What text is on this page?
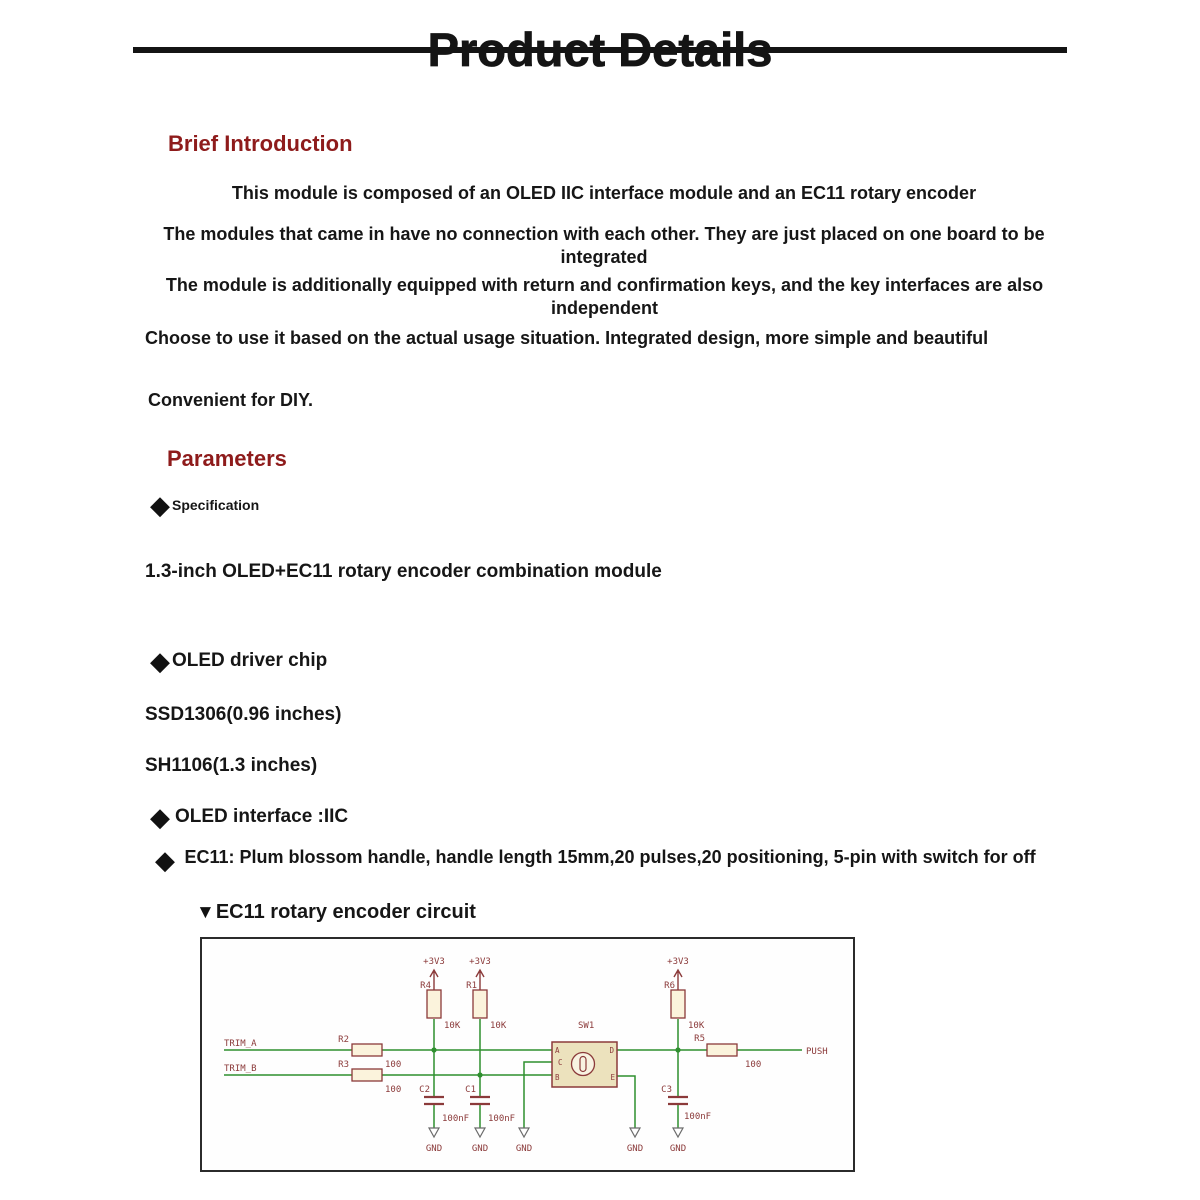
Product Details
Brief Introduction

This module is composed of an OLED IIC interface module and an EC11 rotary encoder

The modules that came in have no connection with each other. They are just placed on one board to be integrated

The module is additionally equipped with return and confirmation keys, and the key interfaces are also independent

Choose to use it based on the actual usage situation. Integrated design, more simple and beautiful

Convenient for DIY.

Parameters
◆ Specification

1.3-inch OLED+EC11 rotary encoder combination module

◆ OLED driver chip

SSD1306(0.96 inches)

SH1106(1.3 inches)

◆ OLED interface :IIC
◆ EC11: Plum blossom handle, handle length 15mm,20 pulses,20 positioning, 5-pin with switch for off

▼ EC11 rotary encoder circuit
+3V3	+3V3	+3V3
R4	R1	R6
10K	10K	10K
R2
R3	100
100
R5
100
SW1
C2	C1	C3
100nF 100nF	100nF
TRIM_A
TRIM_B
PUSH
GND	GND	GND	GND	GND
A
C
B
D
E
